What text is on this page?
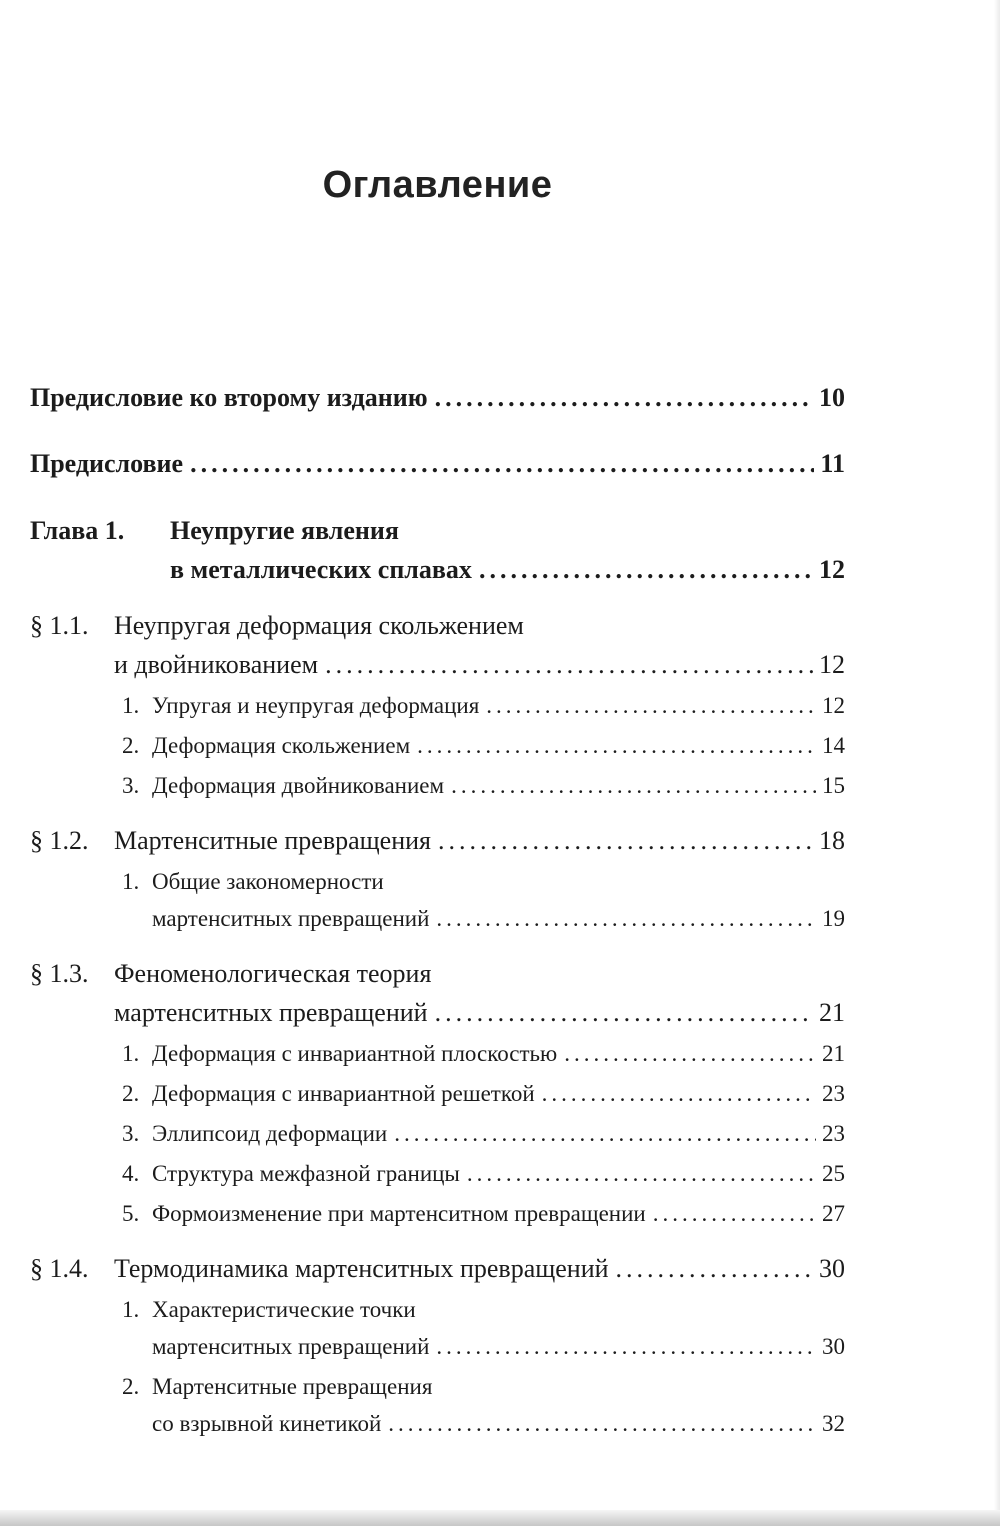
Оглавление
Предисловие ко второму изданию .....	10
Предисловие .....	11
Глава 1.	Неупругие явления
в металлических сплавах .....	12
§ 1.1. Неупругая деформация скольжением
и двойникованием .....	12
1. Упругая и неупругая деформация .....	12
2. Деформация скольжением .....	14
3. Деформация двойникованием .....	15
§ 1.2. Мартенситные превращения .....	18
1. Общие закономерности
мартенситных превращений .....	19
§ 1.3. Феноменологическая теория
мартенситных превращений .....	21
1. Деформация с инвариантной плоскостью .....	21
2. Деформация с инвариантной решеткой .....	23
3. Эллипсоид деформации .....	23
4. Структура межфазной границы .....	25
5. Формоизменение при мартенситном превращении .....	27
§ 1.4. Термодинамика мартенситных превращений .....	30
1. Характеристические точки
мартенситных превращений .....	30
2. Мартенситные превращения
со взрывной кинетикой .....	32
